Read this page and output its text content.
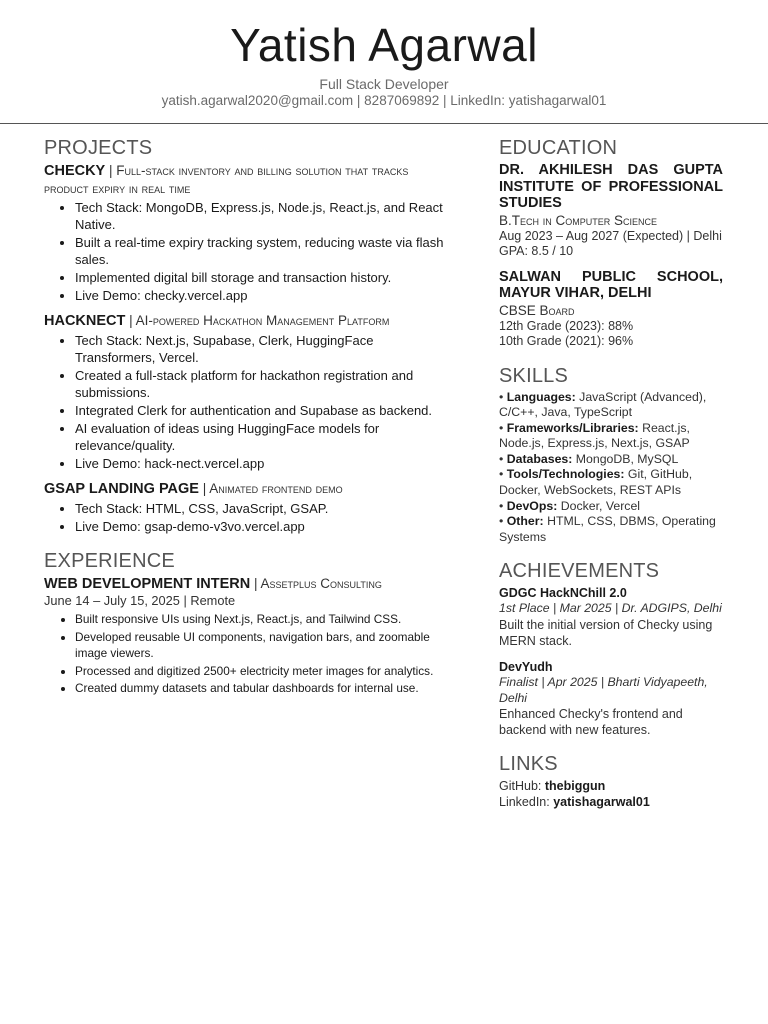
Yatish Agarwal
Full Stack Developer
yatish.agarwal2020@gmail.com | 8287069892 | LinkedIn: yatishagarwal01
PROJECTS
CHECKY | Full-stack inventory and billing solution that tracks product expiry in real time
• Tech Stack: MongoDB, Express.js, Node.js, React.js, and React Native.
• Built a real-time expiry tracking system, reducing waste via flash sales.
• Implemented digital bill storage and transaction history.
• Live Demo: checky.vercel.app
HACKNECT | AI-powered Hackathon Management Platform
• Tech Stack: Next.js, Supabase, Clerk, HuggingFace Transformers, Vercel.
• Created a full-stack platform for hackathon registration and submissions.
• Integrated Clerk for authentication and Supabase as backend.
• AI evaluation of ideas using HuggingFace models for relevance/quality.
• Live Demo: hack-nect.vercel.app
GSAP LANDING PAGE | Animated frontend demo
• Tech Stack: HTML, CSS, JavaScript, GSAP.
• Live Demo: gsap-demo-v3vo.vercel.app
EXPERIENCE
WEB DEVELOPMENT INTERN | Assetplus Consulting
June 14 – July 15, 2025 | Remote
• Built responsive UIs using Next.js, React.js, and Tailwind CSS.
• Developed reusable UI components, navigation bars, and zoomable image viewers.
• Processed and digitized 2500+ electricity meter images for analytics.
• Created dummy datasets and tabular dashboards for internal use.
EDUCATION
DR. AKHILESH DAS GUPTA INSTITUTE OF PROFESSIONAL STUDIES
B.Tech in Computer Science
Aug 2023 – Aug 2027 (Expected) | Delhi
GPA: 8.5 / 10
SALWAN PUBLIC SCHOOL, MAYUR VIHAR, DELHI
CBSE Board
12th Grade (2023): 88%
10th Grade (2021): 96%
SKILLS
• Languages: JavaScript (Advanced), C/C++, Java, TypeScript
• Frameworks/Libraries: React.js, Node.js, Express.js, Next.js, GSAP
• Databases: MongoDB, MySQL
• Tools/Technologies: Git, GitHub, Docker, WebSockets, REST APIs
• DevOps: Docker, Vercel
• Other: HTML, CSS, DBMS, Operating Systems
ACHIEVEMENTS
GDGC HackNChill 2.0
1st Place | Mar 2025 | Dr. ADGIPS, Delhi
Built the initial version of Checky using MERN stack.
DevYudh
Finalist | Apr 2025 | Bharti Vidyapeeth, Delhi
Enhanced Checky's frontend and backend with new features.
LINKS
GitHub: thebiggun
LinkedIn: yatishagarwal01
